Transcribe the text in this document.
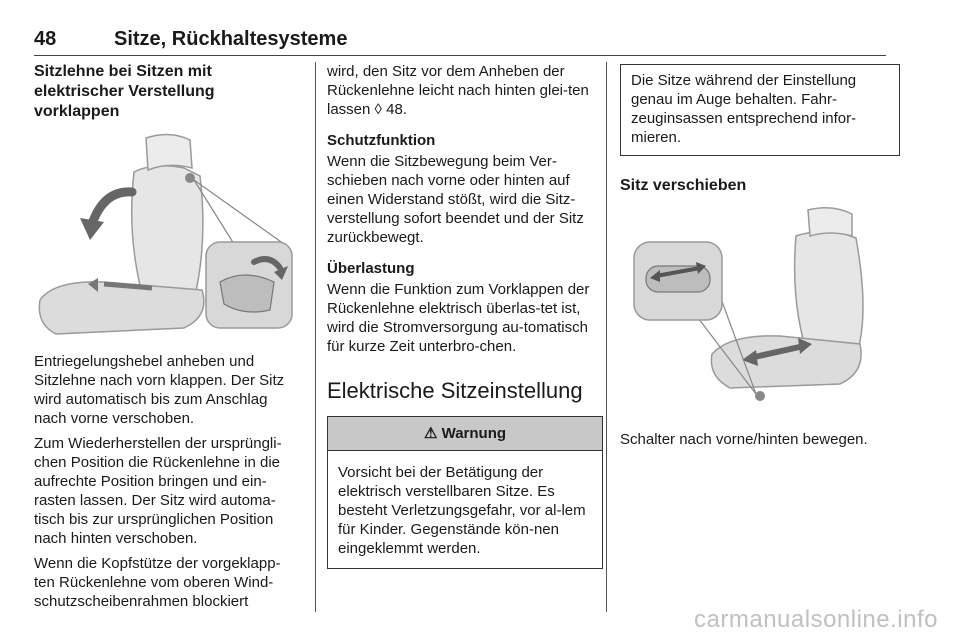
48	Sitze, Rückhaltesysteme
Sitzlehne bei Sitzen mit elektrischer Verstellung vorklappen

Entriegelungshebel anheben und Sitzlehne nach vorn klappen. Der Sitz wird automatisch bis zum Anschlag nach vorne verschoben.

Zum Wiederherstellen der ursprüngli-chen Position die Rückenlehne in die aufrechte Position bringen und ein-rasten lassen. Der Sitz wird automa-tisch bis zur ursprünglichen Position nach hinten verschoben.

Wenn die Kopfstütze der vorgeklapp-ten Rückenlehne vom oberen Wind-schutzscheibenrahmen blockiert

wird, den Sitz vor dem Anheben der Rückenlehne leicht nach hinten glei-ten lassen ◊ 48.

Schutzfunktion

Wenn die Sitzbewegung beim Ver-schieben nach vorne oder hinten auf einen Widerstand stößt, wird die Sitz-verstellung sofort beendet und der Sitz zurückbewegt.

Überlastung

Wenn die Funktion zum Vorklappen der Rückenlehne elektrisch überlas-tet ist, wird die Stromversorgung au-tomatisch für kurze Zeit unterbro-chen.

Elektrische Sitzeinstellung
⚠ Warnung
Vorsicht bei der Betätigung der elektrisch verstellbaren Sitze. Es besteht Verletzungsgefahr, vor al-lem für Kinder. Gegenstände kön-nen eingeklemmt werden.
Die Sitze während der Einstellung genau im Auge behalten. Fahr-zeuginsassen entsprechend infor-mieren.
Sitz verschieben

Schalter nach vorne/hinten bewegen.

carmanualsonline.info
